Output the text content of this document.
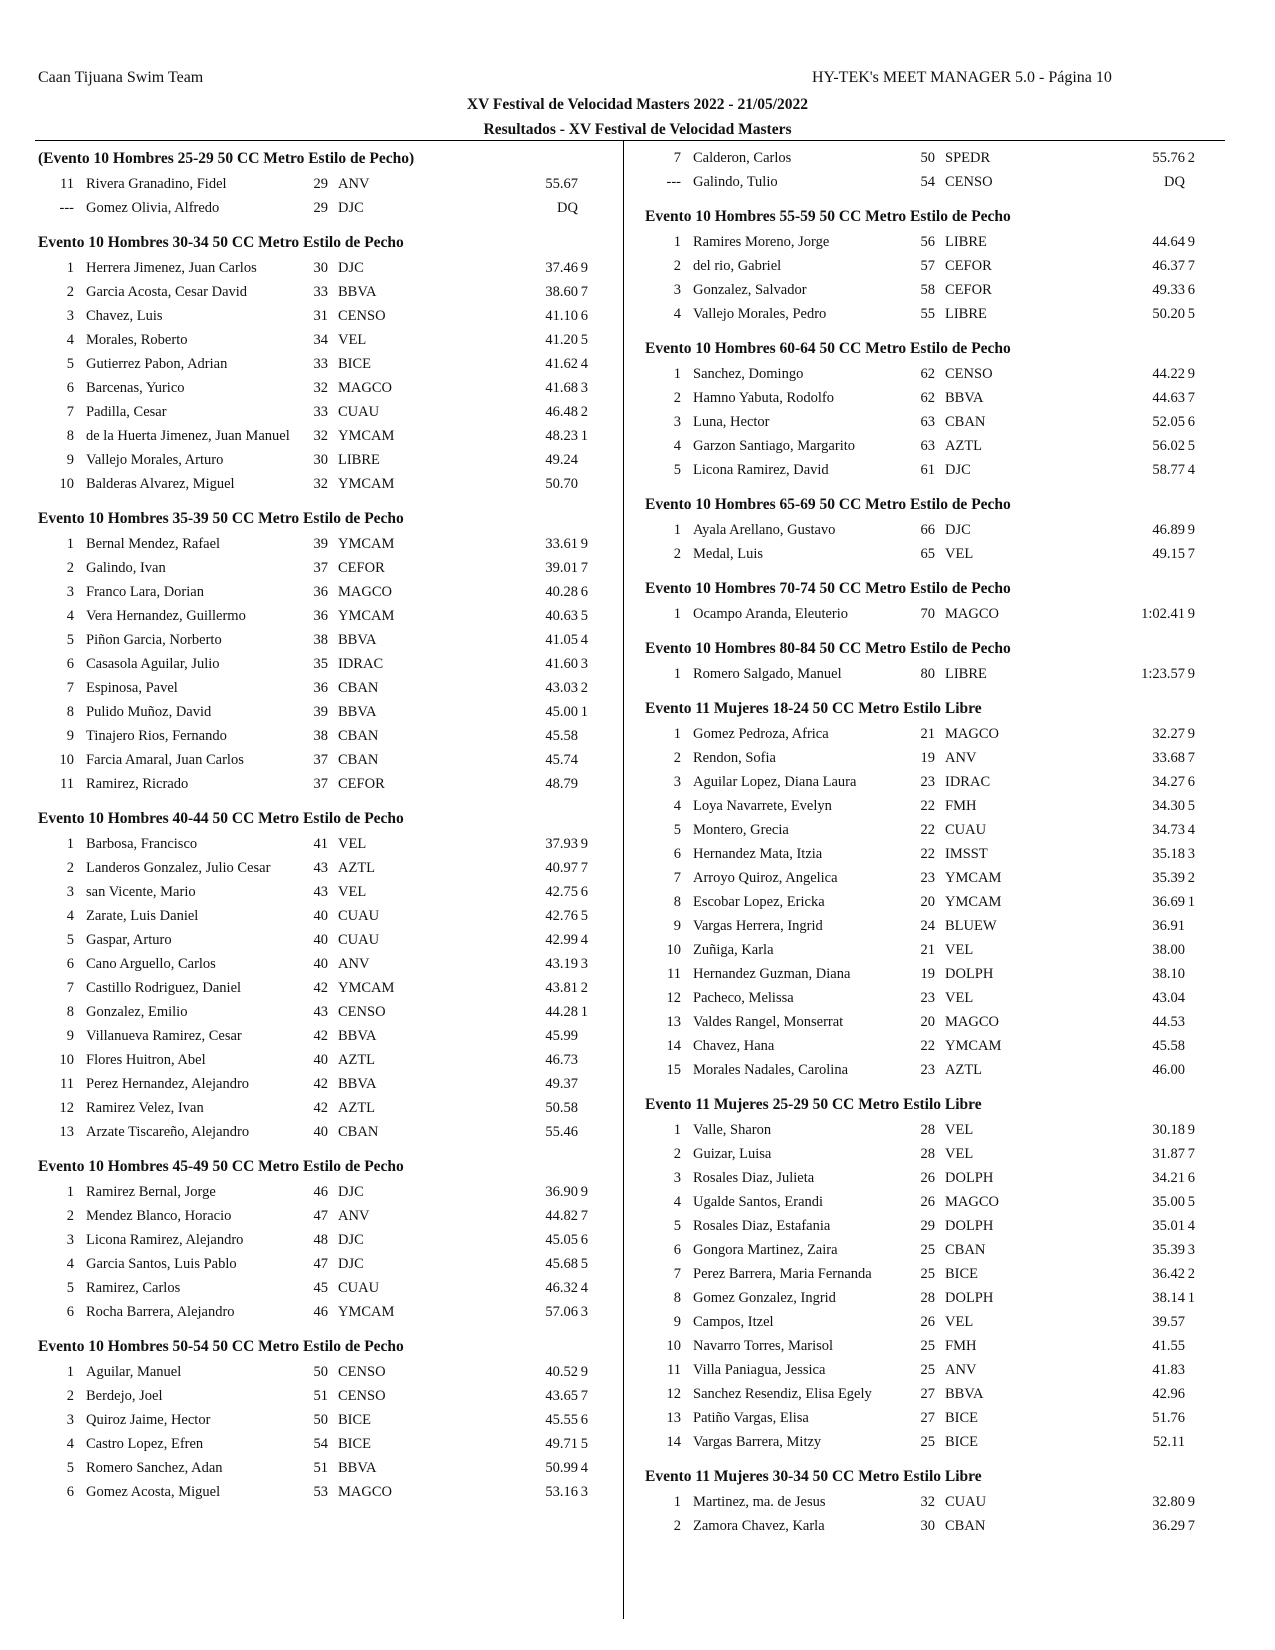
Caan Tijuana Swim Team	HY-TEK's MEET MANAGER 5.0 - Página 10
XV Festival de Velocidad Masters 2022 - 21/05/2022
Resultados - XV Festival de Velocidad Masters
(Evento 10 Hombres 25-29 50 CC Metro Estilo de Pecho)
11 Rivera Granadino, Fidel	29 ANV	55.67
--- Gomez Olivia, Alfredo	29 DJC	DQ
Evento 10 Hombres 30-34 50 CC Metro Estilo de Pecho
1 Herrera Jimenez, Juan Carlos	30 DJC	37.46 9
2 Garcia Acosta, Cesar David	33 BBVA	38.60 7
3 Chavez, Luis	31 CENSO	41.10 6
4 Morales, Roberto	34 VEL	41.20 5
5 Gutierrez Pabon, Adrian	33 BICE	41.62 4
6 Barcenas, Yurico	32 MAGCO	41.68 3
7 Padilla, Cesar	33 CUAU	46.48 2
8 de la Huerta Jimenez, Juan Manuel	32 YMCAM	48.23 1
9 Vallejo Morales, Arturo	30 LIBRE	49.24
10 Balderas Alvarez, Miguel	32 YMCAM	50.70
Evento 10 Hombres 35-39 50 CC Metro Estilo de Pecho
1 Bernal Mendez, Rafael	39 YMCAM	33.61 9
2 Galindo, Ivan	37 CEFOR	39.01 7
3 Franco Lara, Dorian	36 MAGCO	40.28 6
4 Vera Hernandez, Guillermo	36 YMCAM	40.63 5
5 Piñon Garcia, Norberto	38 BBVA	41.05 4
6 Casasola Aguilar, Julio	35 IDRAC	41.60 3
7 Espinosa, Pavel	36 CBAN	43.03 2
8 Pulido Muñoz, David	39 BBVA	45.00 1
9 Tinajero Rios, Fernando	38 CBAN	45.58
10 Farcia Amaral, Juan Carlos	37 CBAN	45.74
11 Ramirez, Ricrado	37 CEFOR	48.79
Evento 10 Hombres 40-44 50 CC Metro Estilo de Pecho
1 Barbosa, Francisco	41 VEL	37.93 9
2 Landeros Gonzalez, Julio Cesar	43 AZTL	40.97 7
3 san Vicente, Mario	43 VEL	42.75 6
4 Zarate, Luis Daniel	40 CUAU	42.76 5
5 Gaspar, Arturo	40 CUAU	42.99 4
6 Cano Arguello, Carlos	40 ANV	43.19 3
7 Castillo Rodriguez, Daniel	42 YMCAM	43.81 2
8 Gonzalez, Emilio	43 CENSO	44.28 1
9 Villanueva Ramirez, Cesar	42 BBVA	45.99
10 Flores Huitron, Abel	40 AZTL	46.73
11 Perez Hernandez, Alejandro	42 BBVA	49.37
12 Ramirez Velez, Ivan	42 AZTL	50.58
13 Arzate Tiscareño, Alejandro	40 CBAN	55.46
Evento 10 Hombres 45-49 50 CC Metro Estilo de Pecho
1 Ramirez Bernal, Jorge	46 DJC	36.90 9
2 Mendez Blanco, Horacio	47 ANV	44.82 7
3 Licona Ramirez, Alejandro	48 DJC	45.05 6
4 Garcia Santos, Luis Pablo	47 DJC	45.68 5
5 Ramirez, Carlos	45 CUAU	46.32 4
6 Rocha Barrera, Alejandro	46 YMCAM	57.06 3
Evento 10 Hombres 50-54 50 CC Metro Estilo de Pecho
1 Aguilar, Manuel	50 CENSO	40.52 9
2 Berdejo, Joel	51 CENSO	43.65 7
3 Quiroz Jaime, Hector	50 BICE	45.55 6
4 Castro Lopez, Efren	54 BICE	49.71 5
5 Romero Sanchez, Adan	51 BBVA	50.99 4
6 Gomez Acosta, Miguel	53 MAGCO	53.16 3
7 Calderon, Carlos	50 SPEDR	55.76 2
--- Galindo, Tulio	54 CENSO	DQ
Evento 10 Hombres 55-59 50 CC Metro Estilo de Pecho
1 Ramires Moreno, Jorge	56 LIBRE	44.64 9
2 del rio, Gabriel	57 CEFOR	46.37 7
3 Gonzalez, Salvador	58 CEFOR	49.33 6
4 Vallejo Morales, Pedro	55 LIBRE	50.20 5
Evento 10 Hombres 60-64 50 CC Metro Estilo de Pecho
1 Sanchez, Domingo	62 CENSO	44.22 9
2 Hamno Yabuta, Rodolfo	62 BBVA	44.63 7
3 Luna, Hector	63 CBAN	52.05 6
4 Garzon Santiago, Margarito	63 AZTL	56.02 5
5 Licona Ramirez, David	61 DJC	58.77 4
Evento 10 Hombres 65-69 50 CC Metro Estilo de Pecho
1 Ayala Arellano, Gustavo	66 DJC	46.89 9
2 Medal, Luis	65 VEL	49.15 7
Evento 10 Hombres 70-74 50 CC Metro Estilo de Pecho
1 Ocampo Aranda, Eleuterio	70 MAGCO	1:02.41 9
Evento 10 Hombres 80-84 50 CC Metro Estilo de Pecho
1 Romero Salgado, Manuel	80 LIBRE	1:23.57 9
Evento 11 Mujeres 18-24 50 CC Metro Estilo Libre
1 Gomez Pedroza, Africa	21 MAGCO	32.27 9
2 Rendon, Sofia	19 ANV	33.68 7
3 Aguilar Lopez, Diana Laura	23 IDRAC	34.27 6
4 Loya Navarrete, Evelyn	22 FMH	34.30 5
5 Montero, Grecia	22 CUAU	34.73 4
6 Hernandez Mata, Itzia	22 IMSST	35.18 3
7 Arroyo Quiroz, Angelica	23 YMCAM	35.39 2
8 Escobar Lopez, Ericka	20 YMCAM	36.69 1
9 Vargas Herrera, Ingrid	24 BLUEW	36.91
10 Zuñiga, Karla	21 VEL	38.00
11 Hernandez Guzman, Diana	19 DOLPH	38.10
12 Pacheco, Melissa	23 VEL	43.04
13 Valdes Rangel, Monserrat	20 MAGCO	44.53
14 Chavez, Hana	22 YMCAM	45.58
15 Morales Nadales, Carolina	23 AZTL	46.00
Evento 11 Mujeres 25-29 50 CC Metro Estilo Libre
1 Valle, Sharon	28 VEL	30.18 9
2 Guizar, Luisa	28 VEL	31.87 7
3 Rosales Diaz, Julieta	26 DOLPH	34.21 6
4 Ugalde Santos, Erandi	26 MAGCO	35.00 5
5 Rosales Diaz, Estafania	29 DOLPH	35.01 4
6 Gongora Martinez, Zaira	25 CBAN	35.39 3
7 Perez Barrera, Maria Fernanda	25 BICE	36.42 2
8 Gomez Gonzalez, Ingrid	28 DOLPH	38.14 1
9 Campos, Itzel	26 VEL	39.57
10 Navarro Torres, Marisol	25 FMH	41.55
11 Villa Paniagua, Jessica	25 ANV	41.83
12 Sanchez Resendiz, Elisa Egely	27 BBVA	42.96
13 Patiño Vargas, Elisa	27 BICE	51.76
14 Vargas Barrera, Mitzy	25 BICE	52.11
Evento 11 Mujeres 30-34 50 CC Metro Estilo Libre
1 Martinez, ma. de Jesus	32 CUAU	32.80 9
2 Zamora Chavez, Karla	30 CBAN	36.29 7
